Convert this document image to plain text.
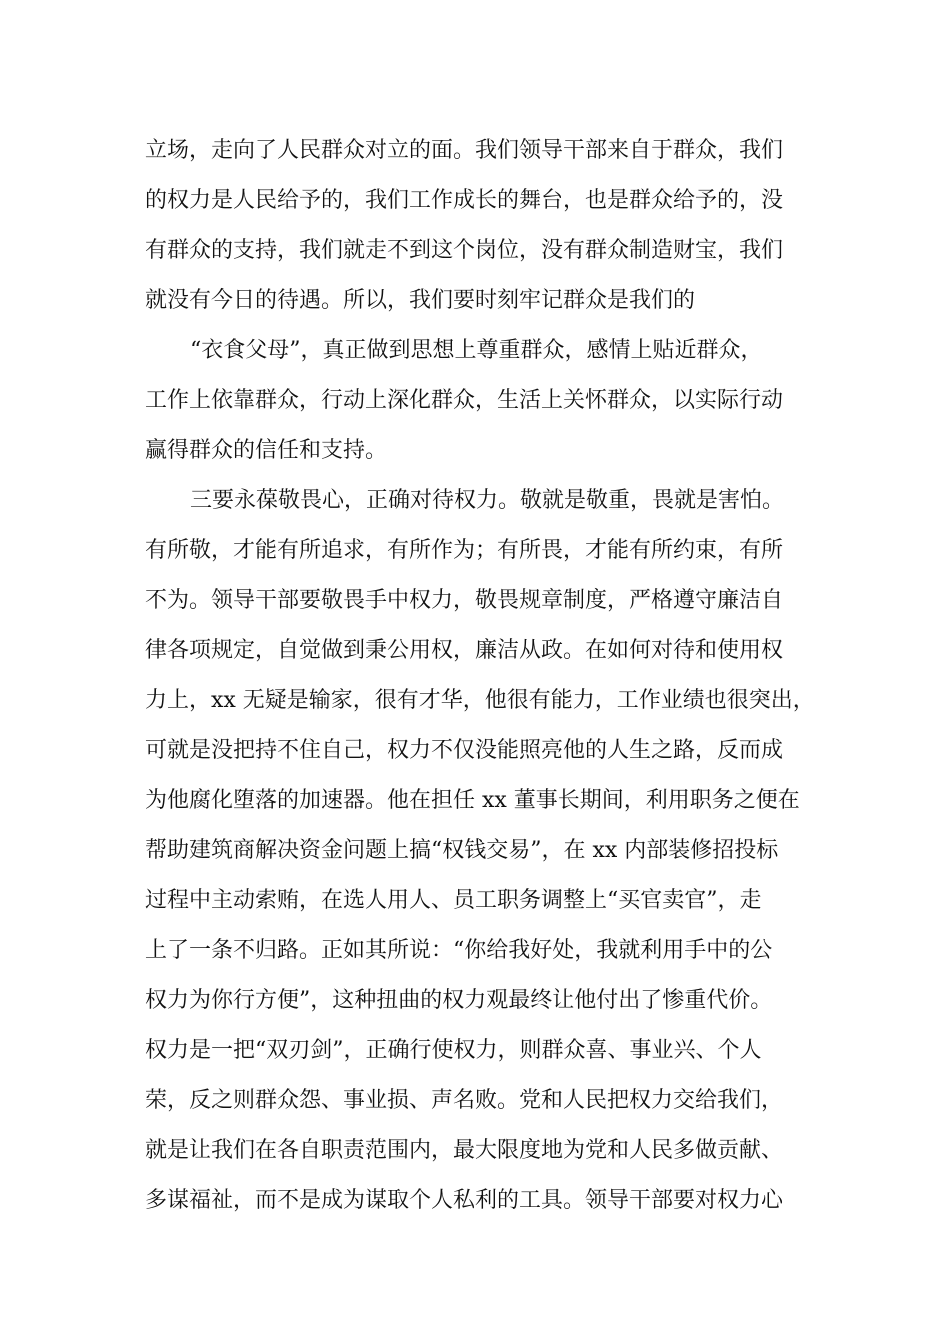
立场，走向了人民群众对立的面。我们领导干部来自于群众，我们

的权力是人民给予的，我们工作成长的舞台，也是群众给予的，没

有群众的支持，我们就走不到这个岗位，没有群众制造财宝，我们

就没有今日的待遇。所以，我们要时刻牢记群众是我们的

“衣食父母”，真正做到思想上尊重群众，感情上贴近群众，

工作上依靠群众，行动上深化群众，生活上关怀群众，以实际行动

赢得群众的信任和支持。

三要永葆敬畏心，正确对待权力。敬就是敬重，畏就是害怕。

有所敬，才能有所追求，有所作为；有所畏，才能有所约束，有所

不为。领导干部要敬畏手中权力，敬畏规章制度，严格遵守廉洁自

律各项规定，自觉做到秉公用权，廉洁从政。在如何对待和使用权

力上，xx 无疑是输家，很有才华，他很有能力，工作业绩也很突出，

可就是没把持不住自己，权力不仅没能照亮他的人生之路，反而成

为他腐化堕落的加速器。他在担任 xx 董事长期间，利用职务之便在

帮助建筑商解决资金问题上搞“权钱交易”，在 xx 内部装修招投标

过程中主动索贿，在选人用人、员工职务调整上“买官卖官”，走

上了一条不归路。正如其所说：“你给我好处，我就利用手中的公

权力为你行方便”，这种扭曲的权力观最终让他付出了惨重代价。

权力是一把“双刃剑”，正确行使权力，则群众喜、事业兴、个人

荣，反之则群众怨、事业损、声名败。党和人民把权力交给我们，

就是让我们在各自职责范围内，最大限度地为党和人民多做贡献、

多谋福祉，而不是成为谋取个人私利的工具。领导干部要对权力心
